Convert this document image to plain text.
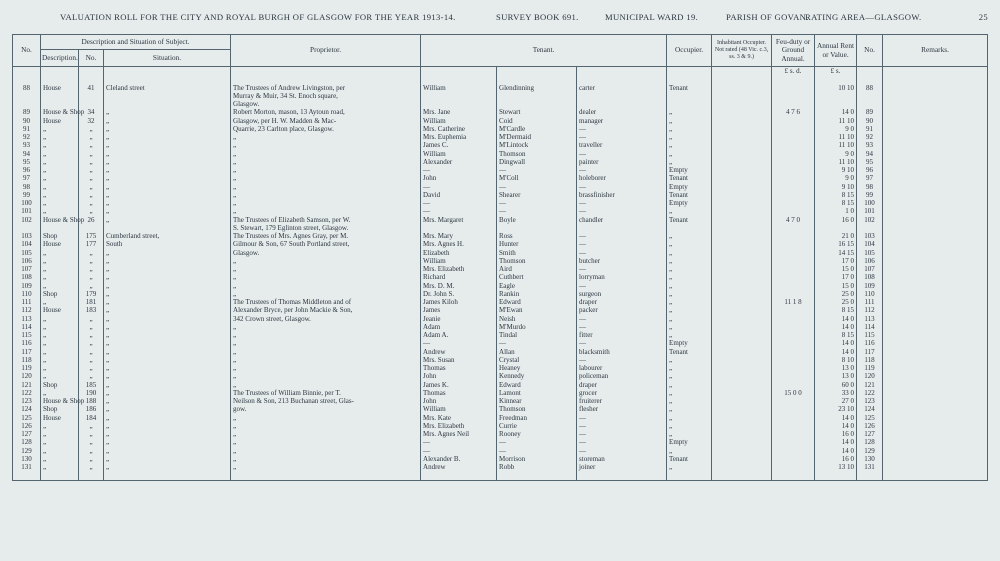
VALUATION ROLL FOR THE CITY AND ROYAL BURGH OF GLASGOW FOR THE YEAR 1913-14.	SURVEY BOOK 691.	MUNICIPAL WARD 19.	PARISH OF GOVAN.
RATING AREA—GLASGOW.	25
No.	Description and Situation of Subject.			Proprietor.	Tenant.			Occupier.	Inhabitant Occupier. Not rated (48 Vic. c.3, ss. 3 & 9.)	Feu-duty or Ground Annual.	Annual Rent or Value.	No.	Remarks.
	Description.	No.	Situation.										
										£ s. d.	£ s.		

88	House	41	Cleland street	The Trustees of Andrew Livingston, per	William	Glendinning	carter	Tenant			10 10	88	
				Murray & Muir, 34 St. Enoch square,									
				Glasgow.									
89	House & Shop	34	„	Robert Morton, mason, 13 Aytoun road,	Mrs. Jane	Stewart	dealer	„		4 7 6	14 0	89	
90	House	32	„	Glasgow, per H. W. Madden & Mac-	William	Coid	manager	„			11 10	90	
91	„	„	„	Quarrie, 23 Carlton place, Glasgow.	Mrs. Catherine	M'Cardle	—	„			9 0	91	
92	„	„	„	„	Mrs. Euphemia	M'Dermaid	—	„			11 10	92	
93	„	„	„	„	James C.	M'Lintock	traveller	„			11 10	93	
94	„	„	„	„	William	Thomson	—	„			9 0	94	
95	„	„	„	„	Alexander	Dingwall	painter	„			11 10	95	
96	„	„	„	„	—	—	—	Empty			9 10	96	
97	„	„	„	„	John	M'Coll	holeborer	Tenant			9 0	97	
98	„	„	„	„	—	—	—	Empty			9 10	98	
99	„	„	„	„	David	Shearer	brassfinisher	Tenant			8 15	99	
100	„	„	„	„	—	—	—	Empty			8 15	100	
101	„	„	„	„	—	—	—	„			1 0	101	
102	House & Shop	26	„	The Trustees of Elizabeth Samson, per W.	Mrs. Margaret	Boyle	chandler	Tenant		4 7 0	16 0	102	
				S. Stewart, 179 Eglinton street, Glasgow.									
103	Shop	175	Cumberland street,	The Trustees of Mrs. Agnes Gray, per M.	Mrs. Mary	Ross	—	„			21 0	103	
104	House	177	South	Gilmour & Son, 67 South Portland street,	Mrs. Agnes H.	Hunter	—	„			16 15	104	
105	„	„	„	Glasgow.	Elizabeth	Smith	—	„			14 15	105	
106	„	„	„	„	William	Thomson	butcher	„			17 0	106	
107	„	„	„	„	Mrs. Elizabeth	Aird	—	„			15 0	107	
108	„	„	„	„	Richard	Cuthbert	lorryman	„			17 0	108	
109	„	„	„	„	Mrs. D. M.	Eagle	—	„			15 0	109	
110	Shop	179	„	„	Dr. John S.	Rankin	surgeon	„			25 0	110	
111	„	181	„	The Trustees of Thomas Middleton and of	James Kiloh	Edward	draper	„		11 1 8	25 0	111	
112	House	183	„	Alexander Bryce, per John Mackie & Son,	James	M'Ewan	packer	„			8 15	112	
113	„	„	„	342 Crown street, Glasgow.	Jeanie	Neish	—	„			14 0	113	
114	„	„	„	„	Adam	M'Murdo	—	„			14 0	114	
115	„	„	„	„	Adam A.	Tindal	fitter	„			8 15	115	
116	„	„	„	„	—	—	—	Empty			14 0	116	
117	„	„	„	„	Andrew	Allan	blacksmith	Tenant			14 0	117	
118	„	„	„	„	Mrs. Susan	Crystal	—	„			8 10	118	
119	„	„	„	„	Thomas	Heaney	labourer	„			13 0	119	
120	„	„	„	„	John	Kennedy	policeman	„			13 0	120	
121	Shop	185	„	„	James K.	Edward	draper	„			60 0	121	
122	„	190	„	The Trustees of William Binnie, per T.	Thomas	Lamont	grocer	„		15 0 0	33 0	122	
123	House & Shop	188	„	Neilson & Son, 213 Buchanan street, Glas-	John	Kinnear	fruiterer	„			27 0	123	
124	Shop	186	„	gow.	William	Thomson	flesher	„			23 10	124	
125	House	184	„	„	Mrs. Kate	Freedman	—	„			14 0	125	
126	„	„	„	„	Mrs. Elizabeth	Currie	—	„			14 0	126	
127	„	„	„	„	Mrs. Agnes Neil	Rooney	—	„			16 0	127	
128	„	„	„	„	—	—	—	Empty			14 0	128	
129	„	„	„	„	—	—	—	„			14 0	129	
130	„	„	„	„	Alexander B.	Morrison	storeman	Tenant			16 0	130	
131	„	„	„	„	Andrew	Robb	joiner	„			13 10	131	
